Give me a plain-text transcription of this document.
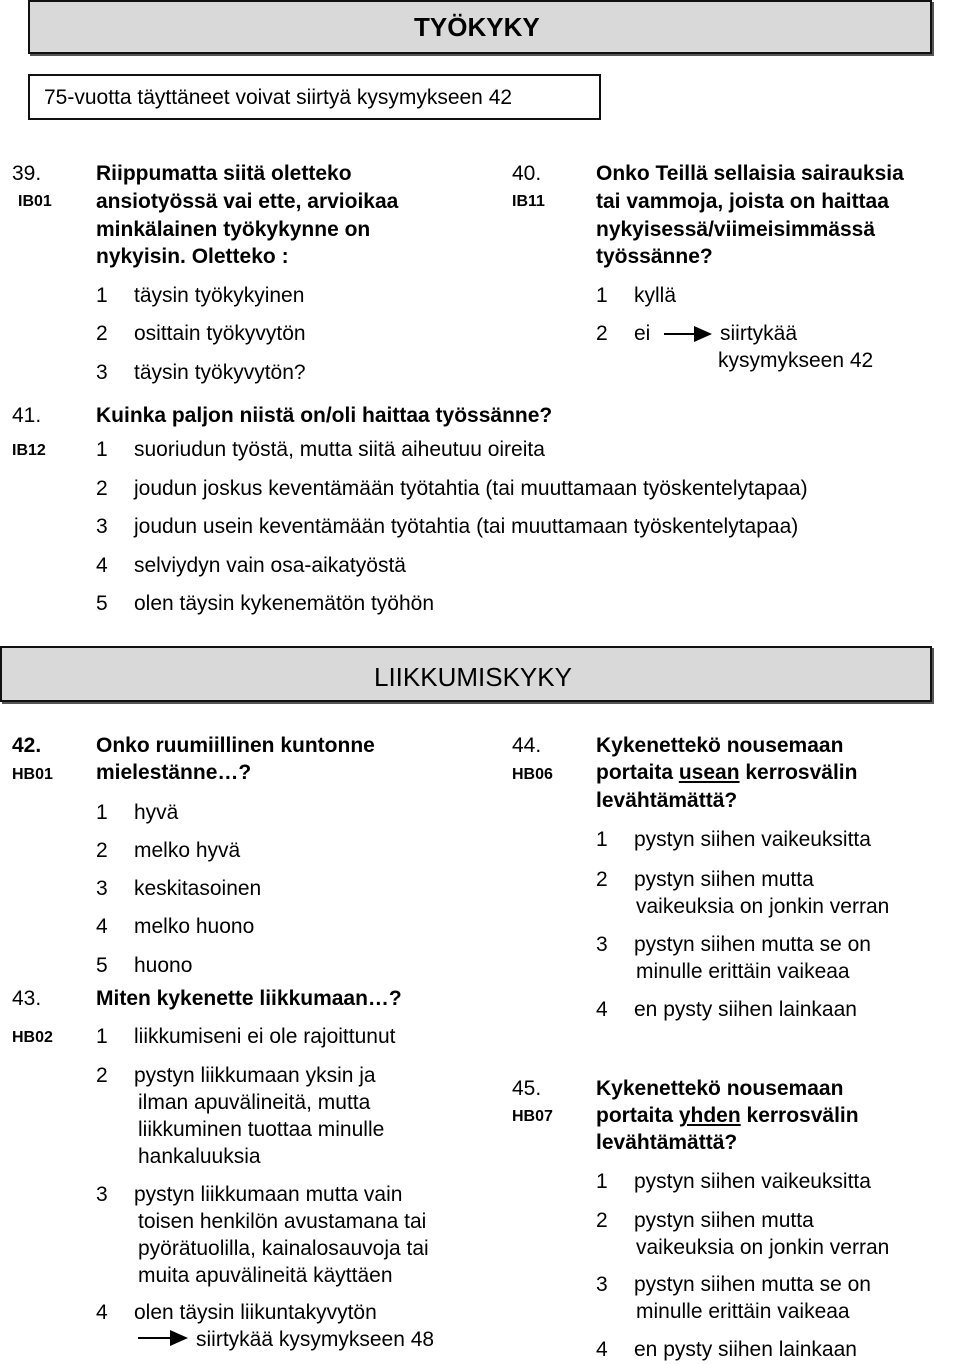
TYÖKYKY
75-vuotta täyttäneet voivat siirtyä kysymykseen 42
39.
IB01
Riippumatta siitä oletteko
ansiotyössä vai ette, arvioikaa
minkälainen työkykynne on
nykyisin. Oletteko :
1 täysin työkykyinen
2 osittain työkyvytön
3 täysin työkyvytön?
40.
IB11
Onko Teillä sellaisia sairauksia
tai vammoja, joista on haittaa
nykyisessä/viimeisimmässä
työssänne?
1 kyllä
2 ei	siirtykää
kysymykseen 42
41.
IB12
Kuinka paljon niistä on/oli haittaa työssänne?
1 suoriudun työstä, mutta siitä aiheutuu oireita
2 joudun joskus keventämään työtahtia (tai muuttamaan työskentelytapaa)
3 joudun usein keventämään työtahtia (tai muuttamaan työskentelytapaa)
4 selviydyn vain osa-aikatyöstä
5 olen täysin kykenemätön työhön
LIIKKUMISKYKY
42.
HB01
Onko ruumiillinen kuntonne
mielestänne…?
1 hyvä
2 melko hyvä
3 keskitasoinen
4 melko huono
5 huono
43.
HB02
Miten kykenette liikkumaan…?
1 liikkumiseni ei ole rajoittunut
2 pystyn liikkumaan yksin ja
ilman apuvälineitä, mutta
liikkuminen tuottaa minulle
hankaluuksia
3 pystyn liikkumaan mutta vain
toisen henkilön avustamana tai
pyörätuolilla, kainalosauvoja tai
muita apuvälineitä käyttäen
4 olen täysin liikuntakyvytön
siirtykää kysymykseen 48
44.
HB06
Kykenettekö nousemaan
portaita usean kerrosvälin
levähtämättä?
1 pystyn siihen vaikeuksitta
2 pystyn siihen mutta
vaikeuksia on jonkin verran
3 pystyn siihen mutta se on
minulle erittäin vaikeaa
4 en pysty siihen lainkaan
45.
HB07
Kykenettekö nousemaan
portaita yhden kerrosvälin
levähtämättä?
1 pystyn siihen vaikeuksitta
2 pystyn siihen mutta
vaikeuksia on jonkin verran
3 pystyn siihen mutta se on
minulle erittäin vaikeaa
4 en pysty siihen lainkaan
